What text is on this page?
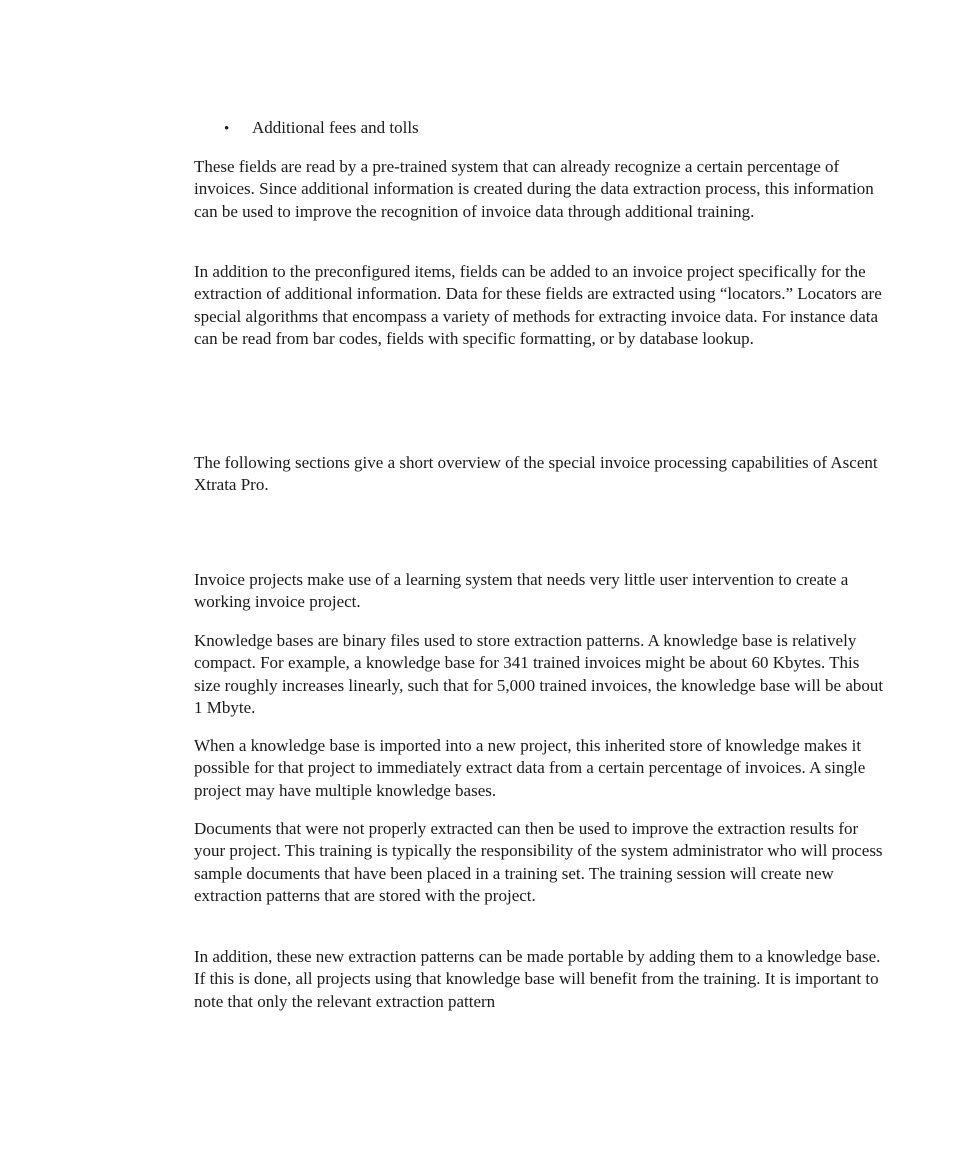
•	Additional fees and tolls

These fields are read by a pre-trained system that can already recognize a certain percentage of invoices. Since additional information is created during the data extraction process, this information can be used to improve the recognition of invoice data through additional training.

In addition to the preconfigured items, fields can be added to an invoice project specifically for the extraction of additional information. Data for these fields are extracted using “locators.” Locators are special algorithms that encompass a variety of methods for extracting invoice data. For instance data can be read from bar codes, fields with specific formatting, or by database lookup.

The following sections give a short overview of the special invoice processing capabilities of Ascent Xtrata Pro.

Invoice projects make use of a learning system that needs very little user intervention to create a working invoice project.

Knowledge bases are binary files used to store extraction patterns. A knowledge base is relatively compact. For example, a knowledge base for 341 trained invoices might be about 60 Kbytes. This size roughly increases linearly, such that for 5,000 trained invoices, the knowledge base will be about 1 Mbyte.

When a knowledge base is imported into a new project, this inherited store of knowledge makes it possible for that project to immediately extract data from a certain percentage of invoices. A single project may have multiple knowledge bases.

Documents that were not properly extracted can then be used to improve the extraction results for your project. This training is typically the responsibility of the system administrator who will process sample documents that have been placed in a training set. The training session will create new extraction patterns that are stored with the project.

In addition, these new extraction patterns can be made portable by adding them to a knowledge base. If this is done, all projects using that knowledge base will benefit from the training. It is important to note that only the relevant extraction pattern
